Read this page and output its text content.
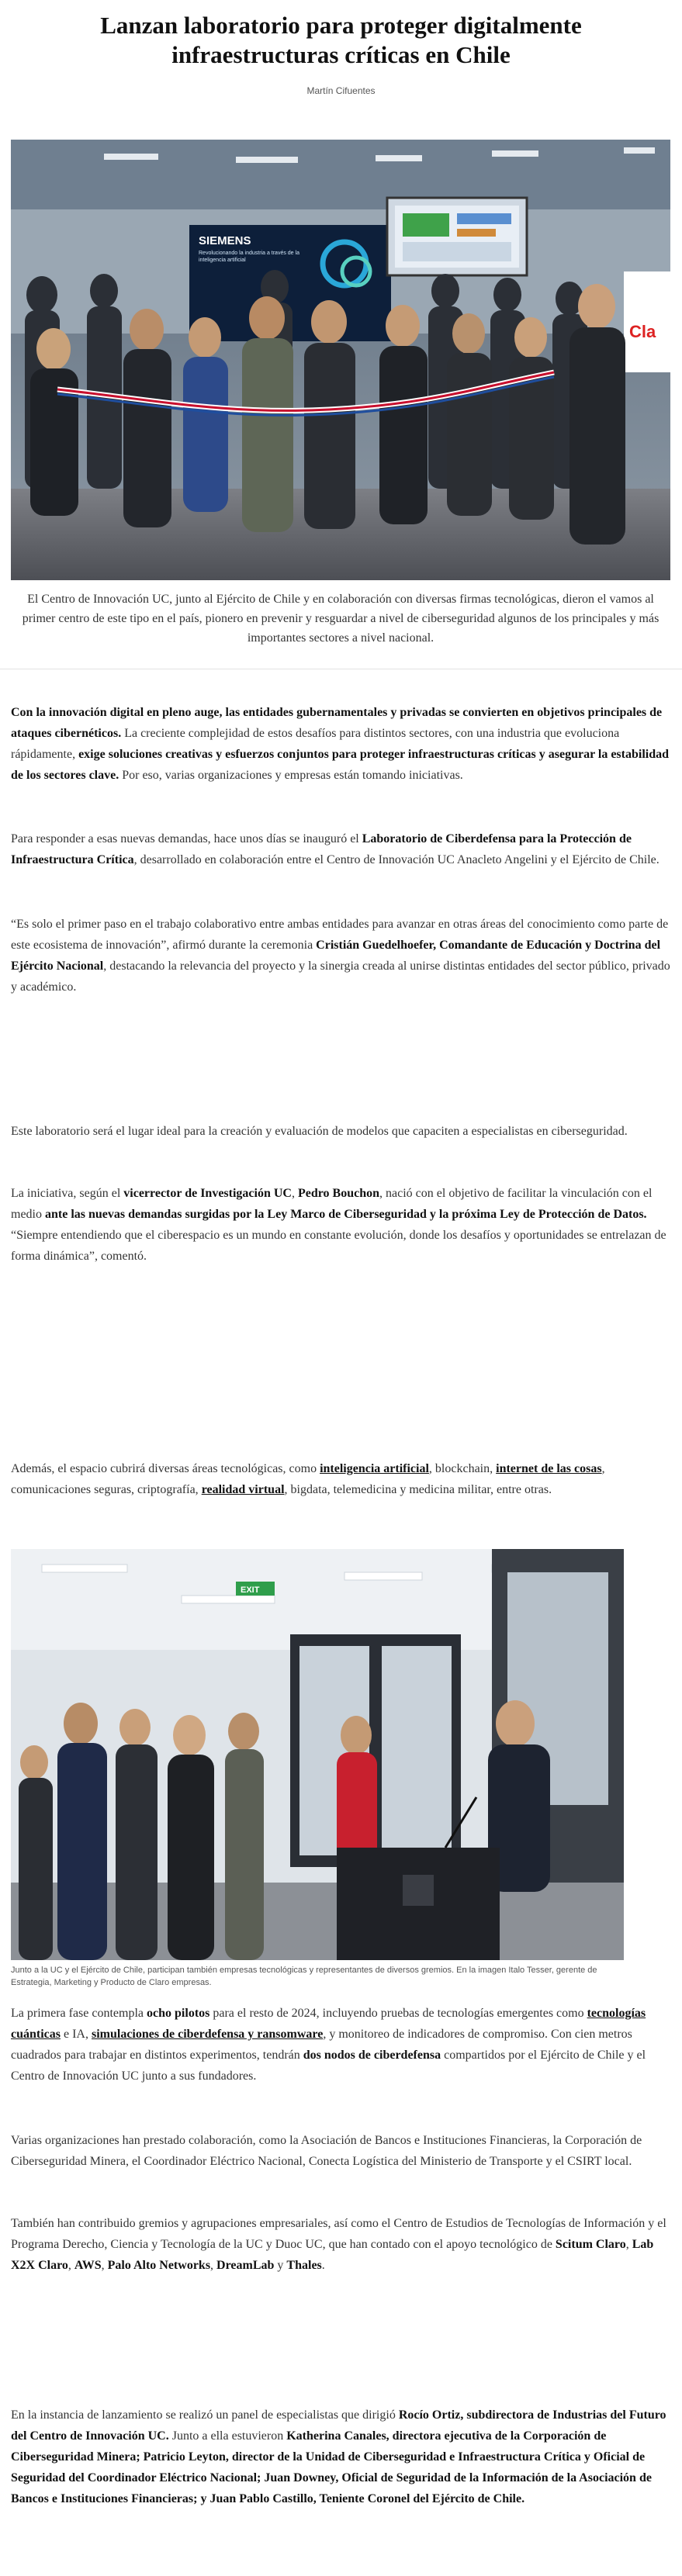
Lanzan laboratorio para proteger digitalmente infraestructuras críticas en Chile
Martín Cifuentes
SIEMENS
Revolucionando la industria a través de la inteligencia artificial
Cla
El Centro de Innovación UC, junto al Ejército de Chile y en colaboración con diversas firmas tecnológicas, dieron el vamos al primer centro de este tipo en el país, pionero en prevenir y resguardar a nivel de ciberseguridad algunos de los principales y más importantes sectores a nivel nacional.

Con la innovación digital en pleno auge, las entidades gubernamentales y privadas se convierten en objetivos principales de ataques cibernéticos. La creciente complejidad de estos desafíos para distintos sectores, con una industria que evoluciona rápidamente, exige soluciones creativas y esfuerzos conjuntos para proteger infraestructuras críticas y asegurar la estabilidad de los sectores clave. Por eso, varias organizaciones y empresas están tomando iniciativas.

Para responder a esas nuevas demandas, hace unos días se inauguró el Laboratorio de Ciberdefensa para la Protección de Infraestructura Crítica, desarrollado en colaboración entre el Centro de Innovación UC Anacleto Angelini y el Ejército de Chile.

“Es solo el primer paso en el trabajo colaborativo entre ambas entidades para avanzar en otras áreas del conocimiento como parte de este ecosistema de innovación”, afirmó durante la ceremonia Cristián Guedelhoefer, Comandante de Educación y Doctrina del Ejército Nacional, destacando la relevancia del proyecto y la sinergia creada al unirse distintas entidades del sector público, privado y académico.

Este laboratorio será el lugar ideal para la creación y evaluación de modelos que capaciten a especialistas en ciberseguridad.

La iniciativa, según el vicerrector de Investigación UC, Pedro Bouchon, nació con el objetivo de facilitar la vinculación con el medio ante las nuevas demandas surgidas por la Ley Marco de Ciberseguridad y la próxima Ley de Protección de Datos. “Siempre entendiendo que el ciberespacio es un mundo en constante evolución, donde los desafíos y oportunidades se entrelazan de forma dinámica”, comentó.

Además, el espacio cubrirá diversas áreas tecnológicas, como inteligencia artificial, blockchain, internet de las cosas, comunicaciones seguras, criptografía, realidad virtual, bigdata, telemedicina y medicina militar, entre otras.

EXIT

Junto a la UC y el Ejército de Chile, participan también empresas tecnológicas y representantes de diversos gremios. En la imagen Italo Tesser, gerente de Estrategia, Marketing y Producto de Claro empresas.

La primera fase contempla ocho pilotos para el resto de 2024, incluyendo pruebas de tecnologías emergentes como tecnologías cuánticas e IA, simulaciones de ciberdefensa y ransomware, y monitoreo de indicadores de compromiso. Con cien metros cuadrados para trabajar en distintos experimentos, tendrán dos nodos de ciberdefensa compartidos por el Ejército de Chile y el Centro de Innovación UC junto a sus fundadores.

Varias organizaciones han prestado colaboración, como la Asociación de Bancos e Instituciones Financieras, la Corporación de Ciberseguridad Minera, el Coordinador Eléctrico Nacional, Conecta Logística del Ministerio de Transporte y el CSIRT local.

También han contribuido gremios y agrupaciones empresariales, así como el Centro de Estudios de Tecnologías de Información y el Programa Derecho, Ciencia y Tecnología de la UC y Duoc UC, que han contado con el apoyo tecnológico de Scitum Claro, Lab X2X Claro, AWS, Palo Alto Networks, DreamLab y Thales.

En la instancia de lanzamiento se realizó un panel de especialistas que dirigió Rocío Ortiz, subdirectora de Industrias del Futuro del Centro de Innovación UC. Junto a ella estuvieron Katherina Canales, directora ejecutiva de la Corporación de Ciberseguridad Minera; Patricio Leyton, director de la Unidad de Ciberseguridad e Infraestructura Crítica y Oficial de Seguridad del Coordinador Eléctrico Nacional; Juan Downey, Oficial de Seguridad de la Información de la Asociación de Bancos e Instituciones Financieras; y Juan Pablo Castillo, Teniente Coronel del Ejército de Chile.
